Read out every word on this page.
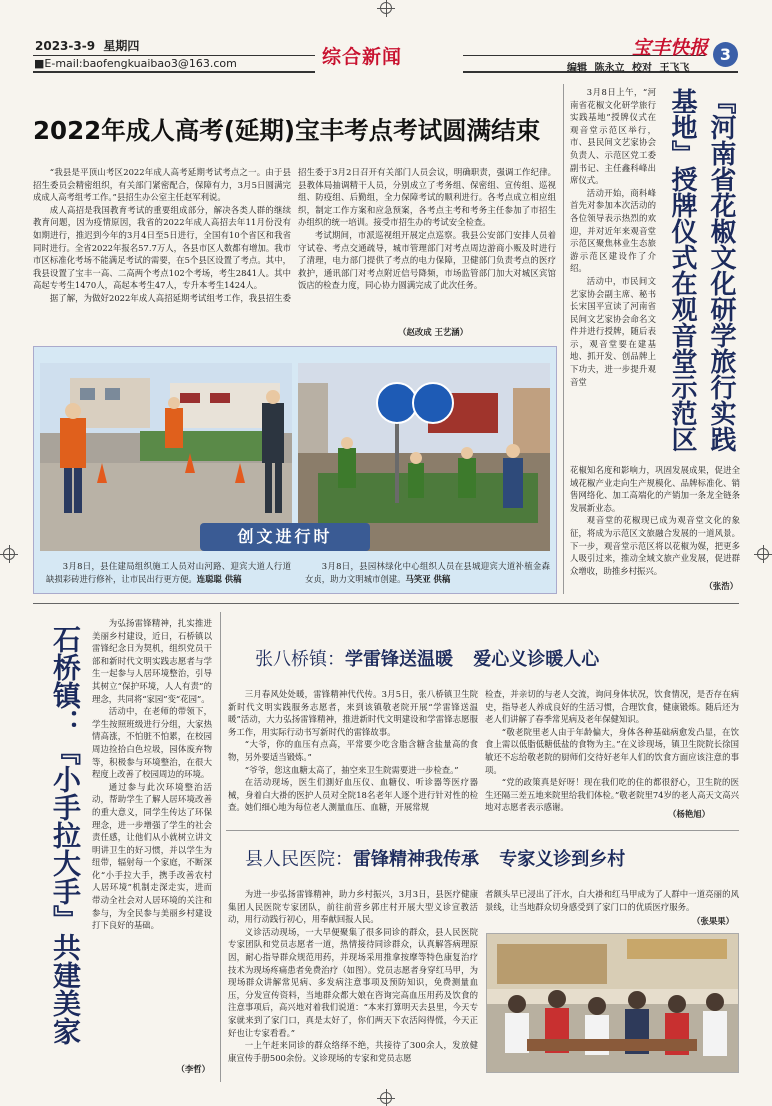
2023-3-9 星期四
■E-mail:baofengkuaibao3@163.com	综合新闻	宝丰快报 3
编辑 陈永立 校对 王飞飞
2022年成人高考(延期)宝丰考点考试圆满结束

“我县是平顶山考区2022年成人高考延期考试考点之一。由于县招生委员会精密组织，有关部门紧密配合，保障有力，3月5日圆满完成成人高考组考工作。”县招生办公室主任赵军利说。

成人高招是我国教育考试的重要组成部分，解决各类人群的继续教育问题，因为疫情原因，我省的2022年成人高招去年11月份没有如期进行，推迟到今年的3月4日至5日进行，全国有10个省区和我省同时进行。全省2022年报名57.7万人，各县市区人数都有增加。我市市区标准化考场不能满足考试的需要，在5个县区设置了考点。其中，我县设置了宝丰一高、二高两个考点102个考场，考生2841人。其中高起专考生1470人，高起本考生47人，专升本考生1424人。

据了解，为做好2022年成人高招延期考试组考工作，我县招生委

招生委于3月2日召开有关部门人员会议，明确职责，强调工作纪律。县教体局抽调精干人员，分别成立了考务组、保密组、宣传组、巡视组、防疫组、后勤组，全力保障考试的顺利进行。各考点成立相应组织，制定工作方案和应急预案，各考点主考和考务主任参加了市招生办组织的统一培训。接受市招生办的考试安全检查。

考试期间，市派巡视组开展定点巡察。我县公安部门安排人员着守试卷、考点交通疏导，城市管理部门对考点周边游商小贩及时进行了清理，电力部门提供了考点的电力保障，卫健部门负责考点的医疗救护，通讯部门对考点附近信号降频，市场监管部门加大对城区宾馆饭店的检查力度，同心协力圆满完成了此次任务。

（赵改成 王艺涵）
创文进行时
3月8日，县住建局组织施工人员对山河路、迎宾大道人行道缺损彩砖进行修补，让市民出行更方便。连聪聪 供稿
3月8日，县园林绿化中心组织人员在县城迎宾大道补植金森女贞，助力文明城市创建。马笑亚 供稿
『河南省花椒文化研学旅行实践基地』授牌仪式在观音堂示范区

3月8日上午，“河南省花椒文化研学旅行实践基地”授牌仪式在观音堂示范区举行，市、县民间文艺家协会负责人、示范区党工委副书记、主任鑫科峰出席仪式。

活动开始，商科峰首先对参加本次活动的各位领导表示热烈的欢迎，并对近年来观音堂示范区聚焦林业生态旅游示范区建设作了介绍。

活动中，市民间文艺家协会副主席、秘书长宋国平宣读了河南省民间文艺家协会命名文件并进行授牌，随后表示，观音堂要在建基地、抓开发、创品牌上下功夫，进一步提升观音堂

花椒知名度和影响力，巩固发展成果，促进全域花椒产业走向生产规模化、品牌标准化、销售网络化、加工高端化的产销加一条龙全链条发展新业态。

观音堂的花椒现已成为观音堂文化的象征，将成为示范区文旅融合发展的一道风景。下一步，观音堂示范区将以花椒为媒，把更多人吸引过来，推动全域文旅产业发展，促进群众增收，助推乡村振兴。

（张浩）
石桥镇：『小手拉大手』共建美家

为弘扬雷锋精神，扎实推进美丽乡村建设，近日，石桥镇以雷锋纪念日为契机，组织党员干部和新时代文明实践志愿者与学生一起参与人居环境整治，引导其树立“保护环境，人人有责”的理念，共同将“家园”变“花园”。

活动中，在老师的带领下，学生按照班级进行分组，大家热情高涨，不怕脏不怕累，在校园周边捡拾白色垃圾，园体废弃物等，积极参与环境整治，在很大程度上改善了校园周边的环境。

通过参与此次环境整治活动，帮助学生了解人居环境改善的重大意义，同学生传达了环保理念，进一步增强了学生的社会责任感，让他们从小就树立讲文明讲卫生的好习惯，并以学生为纽带，辐射每一个家庭，不断深化“小手拉大手，携手改善农村人居环境”机制走深走实，进而带动全社会对人居环境的关注和参与，为全民参与美丽乡村建设打下良好的基础。

（李哲）
张八桥镇：学雷锋送温暖 爱心义诊暖人心

三月春风处处暖，雷锋精神代代传。3月5日，张八桥镇卫生院新时代文明实践服务志愿者，来到该镇敬老院开展“学雷锋送温暖”活动，大力弘扬雷锋精神，推进新时代文明建设和学雷锋志愿服务工作，用实际行动书写新时代的雷锋故事。

“大爷，你的血压有点高，平常要少吃含脂含糖含盐量高的食物，另外要适当锻炼。”

“爷爷，您这血糖太高了，抽空来卫生院需要进一步检查。”

在活动现场，医生们測好血压仪、血糖仪、听诊器等医疗器械，身着白大褂的医护人员对全院18名老年人逐个进行针对性的检查。她们细心地为每位老人测量血压、血糖，开展常规

检查，并亲切的与老人交流，询问身体状况，饮食情况，是否存在病史，指导老人养成良好的生活习惯，合理饮食，健康锻炼。随后还为老人们讲解了春季常见病及老年保健知识。

“敬老院里老人由于年龄偏大，身体各种基础病愈发凸显，在饮食上需以低脂低糖低盐的食物为主。”在义诊现场，镇卫生院院长徐国敏还不忘给敬老院的厨师们交待好老年人们的饮食方面应该注意的事项。

“党的政策真是好呀！现在我们吃的住的都很舒心，卫生院的医生还隔三差五地来院里给我们体检。”敬老院里74岁的老人高天文高兴地对志愿者表示感谢。

（杨艳旭）
县人民医院：雷锋精神我传承 专家义诊到乡村

为进一步弘扬雷锋精神，助力乡村振兴，3月3日，县医疗健康集团人民医院专家团队，前往前营乡郭庄村开展大型义诊宣教活动，用行动践行初心，用奉献回报人民。

义诊活动现场，一大早便聚集了很多同诊的群众，县人民医院专家团队和党员志愿者一道，热情接待同诊群众，认真解答病理原因，耐心指导群众规范用药，并现场采用推拿按摩等特色康复治疗技术为现场疼痛患者免费治疗（如图）。党员志愿者身穿红马甲，为现场群众讲解常见病、多发病注意事项及预防知识，免费测量血压，分发宣传资料，当地群众都大娘在咨询完高血压用药及饮食的注意事项后，高兴地对着我们说道：“本来打算明天去县里，今天专家就来到了家门口，真是太好了，你们两天下农活闷得慌，今天正好也让专家看看。”

一上午赶来同诊的群众络绎不绝，共接待了300余人，发放健康宣传手册500余份。义诊现场的专家和党员志愿

者额头早已浸出了汗水，白大褂和红马甲成为了人群中一道亮丽的风景线，让当地群众切身感受到了家门口的优质医疗服务。

（张果果）
